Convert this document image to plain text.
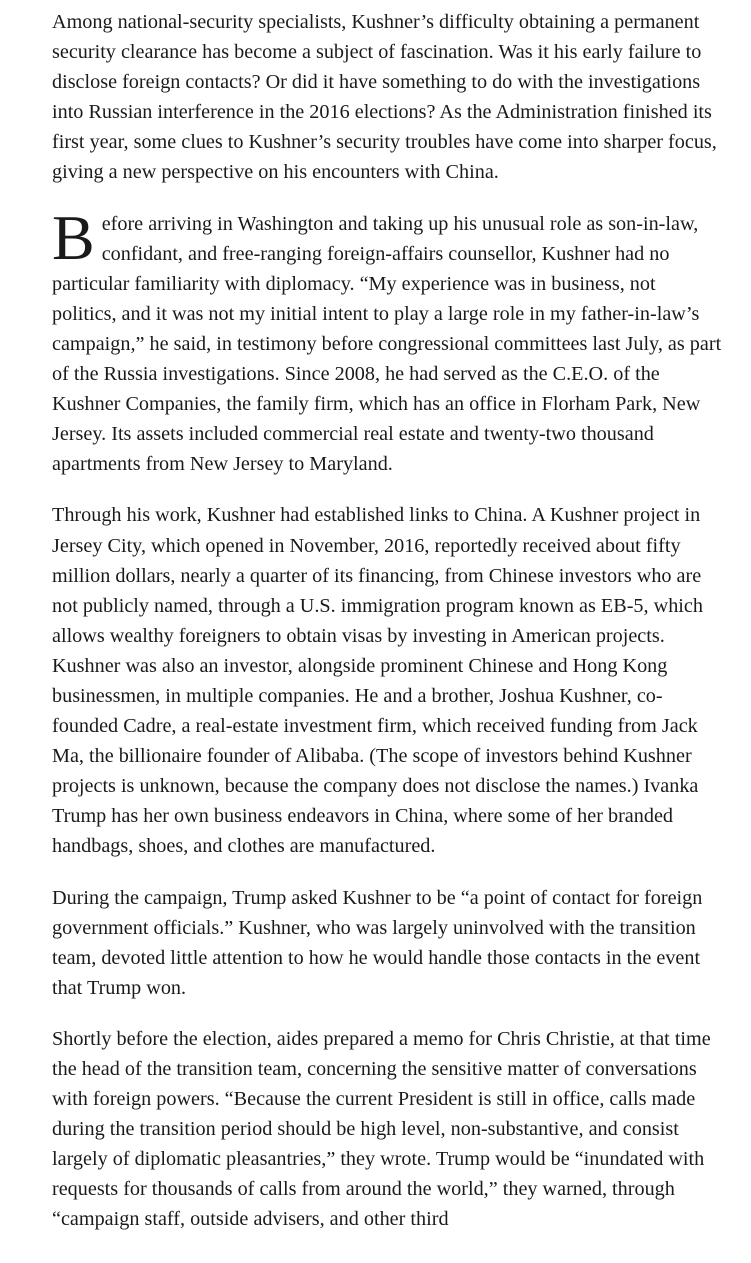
Among national-security specialists, Kushner’s difficulty obtaining a permanent security clearance has become a subject of fascination. Was it his early failure to disclose foreign contacts? Or did it have something to do with the investigations into Russian interference in the 2016 elections? As the Administration finished its first year, some clues to Kushner’s security troubles have come into sharper focus, giving a new perspective on his encounters with China.

Before arriving in Washington and taking up his unusual role as son-in-law, confidant, and free-ranging foreign-affairs counsellor, Kushner had no particular familiarity with diplomacy. “My experience was in business, not politics, and it was not my initial intent to play a large role in my father-in-law’s campaign,” he said, in testimony before congressional committees last July, as part of the Russia investigations. Since 2008, he had served as the C.E.O. of the Kushner Companies, the family firm, which has an office in Florham Park, New Jersey. Its assets included commercial real estate and twenty-two thousand apartments from New Jersey to Maryland.

Through his work, Kushner had established links to China. A Kushner project in Jersey City, which opened in November, 2016, reportedly received about fifty million dollars, nearly a quarter of its financing, from Chinese investors who are not publicly named, through a U.S. immigration program known as EB-5, which allows wealthy foreigners to obtain visas by investing in American projects. Kushner was also an investor, alongside prominent Chinese and Hong Kong businessmen, in multiple companies. He and a brother, Joshua Kushner, co-founded Cadre, a real-estate investment firm, which received funding from Jack Ma, the billionaire founder of Alibaba. (The scope of investors behind Kushner projects is unknown, because the company does not disclose the names.) Ivanka Trump has her own business endeavors in China, where some of her branded handbags, shoes, and clothes are manufactured.

During the campaign, Trump asked Kushner to be “a point of contact for foreign government officials.” Kushner, who was largely uninvolved with the transition team, devoted little attention to how he would handle those contacts in the event that Trump won.

Shortly before the election, aides prepared a memo for Chris Christie, at that time the head of the transition team, concerning the sensitive matter of conversations with foreign powers. “Because the current President is still in office, calls made during the transition period should be high level, non-substantive, and consist largely of diplomatic pleasantries,” they wrote. Trump would be “inundated with requests for thousands of calls from around the world,” they warned, through “campaign staff, outside advisers, and other third
